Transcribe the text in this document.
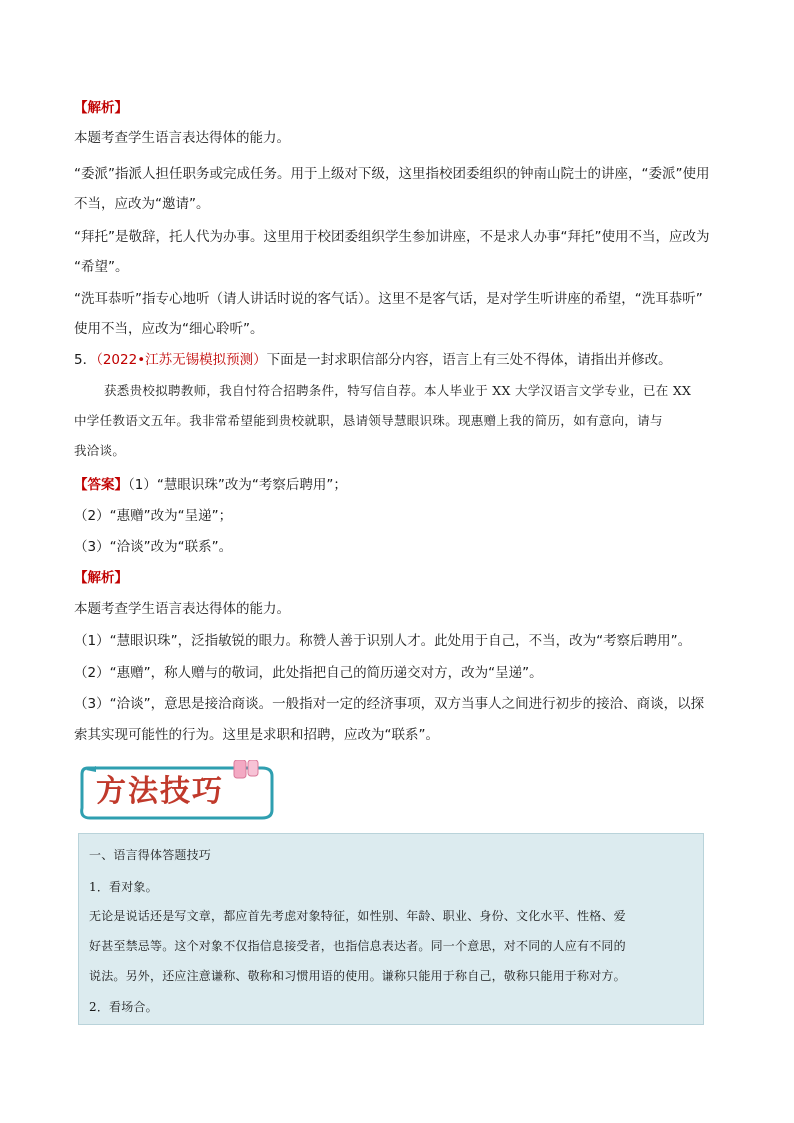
【解析】
本题考查学生语言表达得体的能力。
“委派”指派人担任职务或完成任务。用于上级对下级，这里指校团委组织的钟南山院士的讲座，“委派”使用
不当，应改为“邀请”。
“拜托”是敬辞，托人代为办事。这里用于校团委组织学生参加讲座，不是求人办事“拜托”使用不当，应改为
“希望”。
“洗耳恭听”指专心地听（请人讲话时说的客气话）。这里不是客气话，是对学生听讲座的希望，“洗耳恭听”
使用不当，应改为“细心聆听”。
5．（2022•江苏无锡模拟预测）下面是一封求职信部分内容，语言上有三处不得体，请指出并修改。
获悉贵校拟聘教师，我自忖符合招聘条件，特写信自荐。本人毕业于 XX 大学汉语言文学专业，已在 XX
中学任教语文五年。我非常希望能到贵校就职，恳请领导慧眼识珠。现惠赠上我的简历，如有意向，请与
我洽谈。
【答案】（1）“慧眼识珠”改为“考察后聘用”；
（2）“惠赠”改为“呈递”；
（3）“洽谈”改为“联系”。
【解析】
本题考查学生语言表达得体的能力。
（1）“慧眼识珠”，泛指敏锐的眼力。称赞人善于识别人才。此处用于自己，不当，改为“考察后聘用”。
（2）“惠赠”，称人赠与的敬词，此处指把自己的简历递交对方，改为“呈递”。
（3）“洽谈”，意思是接洽商谈。一般指对一定的经济事项，双方当事人之间进行初步的接洽、商谈，以探
索其实现可能性的行为。这里是求职和招聘，应改为“联系”。
方法技巧
一、语言得体答题技巧
1．看对象。
无论是说话还是写文章，都应首先考虑对象特征，如性别、年龄、职业、身份、文化水平、性格、爱
好甚至禁忌等。这个对象不仅指信息接受者，也指信息表达者。同一个意思，对不同的人应有不同的
说法。另外，还应注意谦称、敬称和习惯用语的使用。谦称只能用于称自己，敬称只能用于称对方。
2．看场合。
